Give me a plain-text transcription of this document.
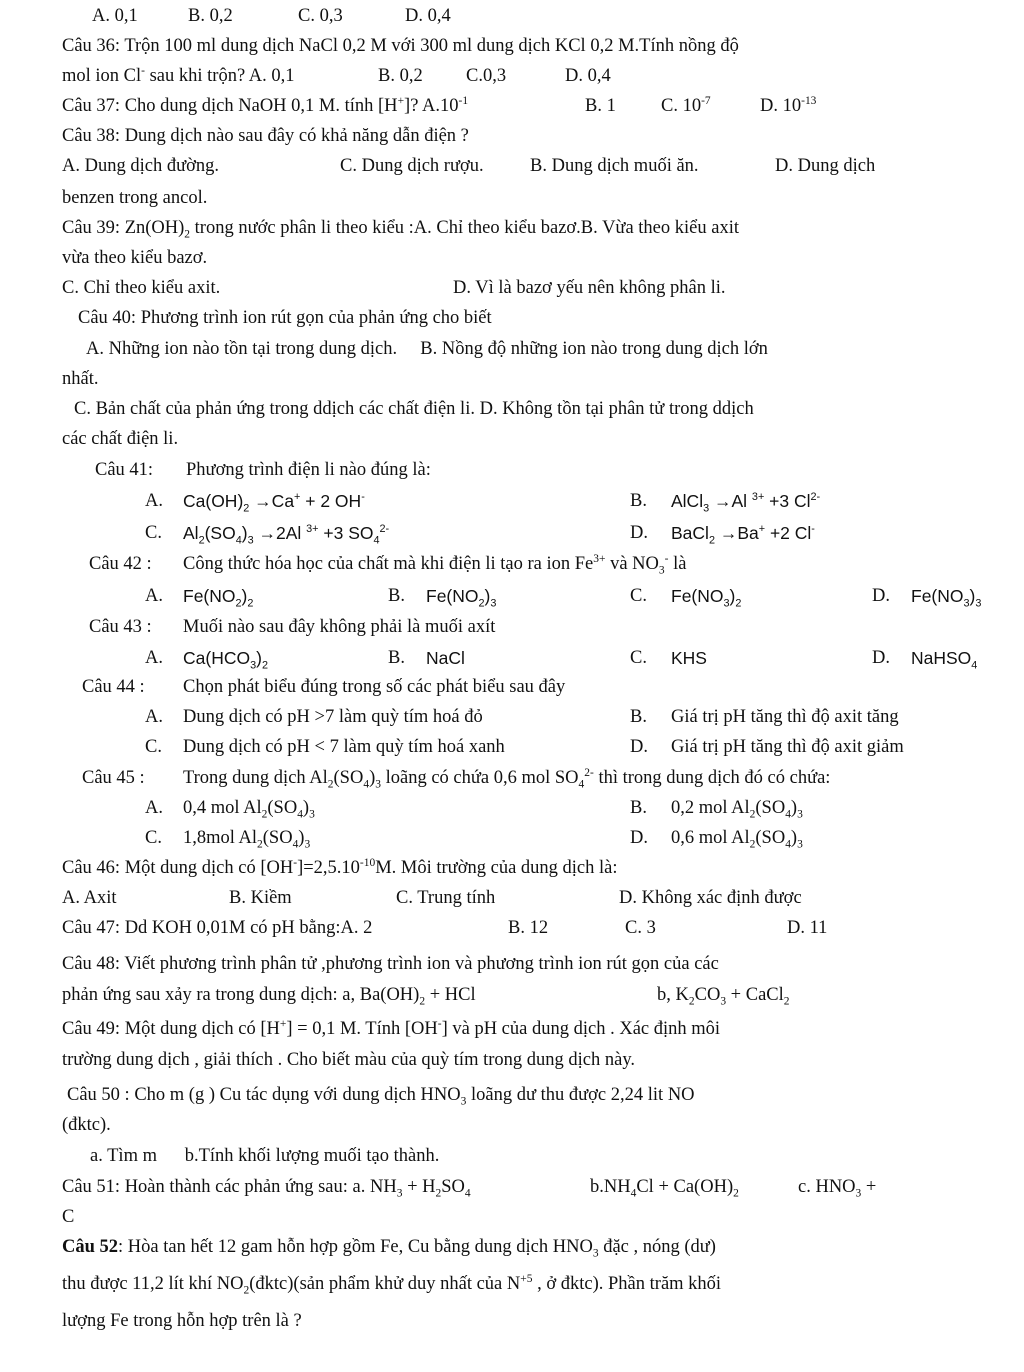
A. 0,1	B. 0,2	C. 0,3	D. 0,4
Câu 36: Trộn 100 ml dung dịch NaCl 0,2 M với 300 ml dung dịch KCl 0,2 M.Tính nồng độ
mol ion Cl- sau khi trộn? A. 0,1	B. 0,2 C.0,3	D. 0,4
Câu 37: Cho dung dịch NaOH 0,1 M. tính [H+]? $A.10^{-1}$	B. 1 C. $10^{-7}$	D. $10^{-13}$
Câu 38: Dung dịch nào sau đây có khả năng dẫn điện ?
A. Dung dịch đường.	C. Dung dịch rượu.	B. Dung dịch muối ăn.	D. Dung dịch
benzen trong ancol.
Câu 39: $Zn(OH)_2$ trong nước phân li theo kiểu :A. Chỉ theo kiểu bazơ.B. Vừa theo kiểu axit
vừa theo kiểu bazơ.
C. Chỉ theo kiểu axit.	D. Vì là bazơ yếu nên không phân li.
Câu 40: Phương trình ion rút gọn của phản ứng cho biết
A. Những ion nào tồn tại trong dung dịch.     B. Nồng độ những ion nào trong dung dịch lớn
nhất.
C. Bản chất của phản ứng trong ddịch các chất điện li. D. Không tồn tại phân tử trong ddịch
các chất điện li.
Câu 41: Phương trình điện li nào đúng là:
A. $Ca(OH)_2 \to Ca^+ + 2$ OH-	B. AlCl$_3$ →Al $^{3+}$ +3 $Cl^{2-}$
C. $Al_2(SO_4)_3 \to 2Al$ $^{3+}$ +3 $SO_4^{2-}$	D. BaCl$_2$ →Ba+ +2 Cl-
Câu 42 : Công thức hóa học của chất mà khi điện li tạo ra ion $Fe^{3+}$ và $NO_3^-$ là
A. $Fe(NO_2)_2$	B. $Fe(NO_2)_3$	C. $Fe(NO_3)_2$	D. $Fe(NO_3)_3$
Câu 43 : Muối nào sau đây không phải là muối axít
A. $Ca(HCO_3)_2$	B. NaCl	C. KHS	D. NaHSO$_4$
Câu 44 : Chọn phát biểu đúng trong số các phát biểu sau đây
A. Dung dịch có pH >7 làm quỳ tím hoá đỏ	B. Giá trị pH tăng thì độ axit tăng
C. Dung dịch có pH < 7 làm quỳ tím hoá xanh	D. Giá trị pH tăng thì độ axit giảm
Câu 45 : Trong dung dịch $Al_2(SO_4)_3$ loãng có chứa 0,6 mol $SO_4^{2-}$ thì trong dung dịch đó có chứa:
A. 0,4 mol $Al_2(SO_4)_3$	B. 0,2 mol $Al_2(SO_4)_3$
C. 1,8mol $Al_2(SO_4)_3$	D. 0,6 mol $Al_2(SO_4)_3$
Câu 46: Một dung dịch có $[OH^-]=2,5.10^{-10}M$. Môi trường của dung dịch là:
A. Axit	B. Kiềm	C. Trung tính	D. Không xác định được
Câu 47: Dd KOH 0,01M có pH bằng:A. 2	B. 12	C. 3	D. 11
Câu 48: Viết phương trình phân tử ,phương trình ion và phương trình ion rút gọn của các
phản ứng sau xảy ra trong dung dịch: a, $Ba(OH)_2$ + HCl	b, $K_2CO_3$ + CaCl$_2$
Câu 49: Một dung dịch có [H+] = 0,1 M. Tính [OH-] và pH của dung dịch . Xác định môi
trường dung dịch , giải thích . Cho biết màu của quỳ tím trong dung dịch này.
Câu 50 : Cho m (g ) Cu tác dụng với dung dịch $HNO_3$ loãng dư thu được 2,24 lit NO
(đktc).
a. Tìm m      b.Tính khối lượng muối tạo thành.
Câu 51: Hoàn thành các phản ứng sau: a. $NH_3 + H_2SO_4$	$b.NH_4Cl + Ca(OH)_2$	c. $HNO_3$ +
C
Câu 52: Hòa tan hết 12 gam hỗn hợp gồm Fe, Cu bằng dung dịch $HNO_3$ đặc , nóng (dư)
thu được 11,2 lít khí $NO_2(đktc)(sản$ phẩm khử duy nhất của $N^{+5}$ , ở đktc). Phần trăm khối
lượng Fe trong hỗn hợp trên là ?
